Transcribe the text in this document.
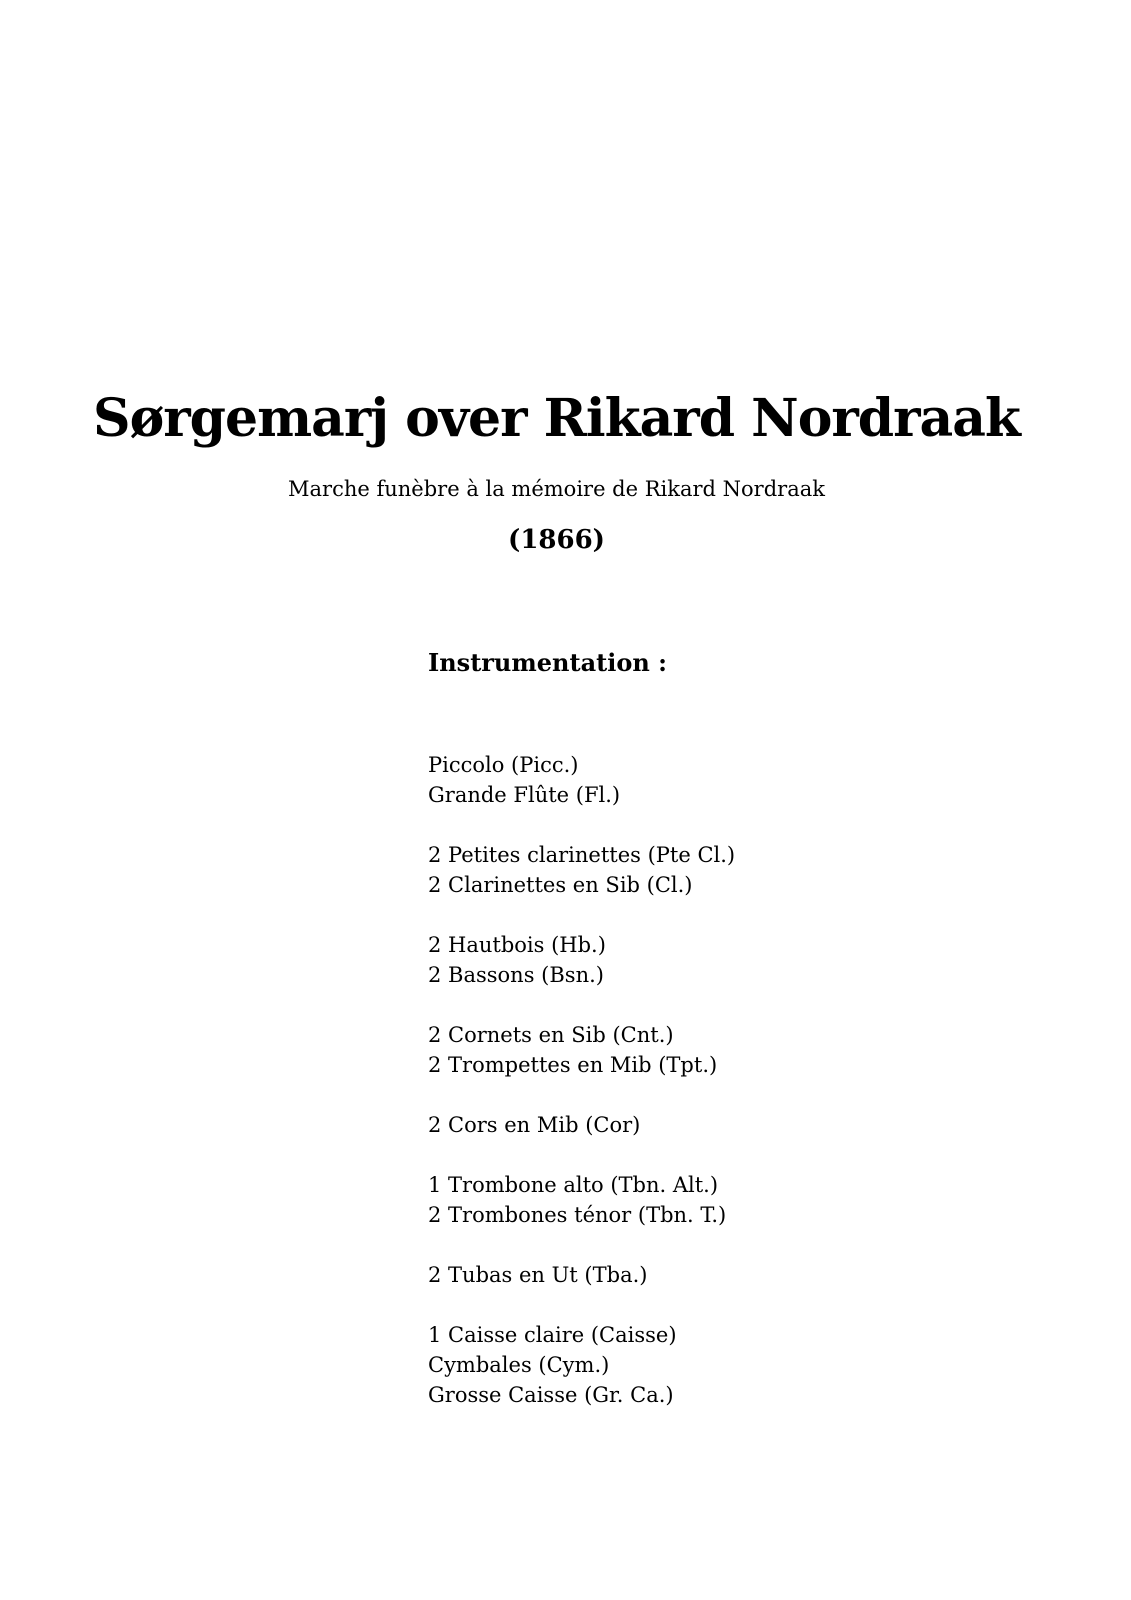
Sørgemarj over Rikard Nordraak
Marche funèbre à la mémoire de Rikard Nordraak
(1866)
Instrumentation :
Piccolo (Picc.)
Grande Flûte (Fl.)
2 Petites clarinettes (Pte Cl.)
2 Clarinettes en Sib (Cl.)
2 Hautbois (Hb.)
2 Bassons (Bsn.)
2 Cornets en Sib (Cnt.)
2 Trompettes en Mib (Tpt.)
2 Cors en Mib (Cor)
1 Trombone alto (Tbn. Alt.)
2 Trombones ténor (Tbn. T.)
2 Tubas en Ut (Tba.)
1 Caisse claire (Caisse)
Cymbales (Cym.)
Grosse Caisse (Gr. Ca.)
